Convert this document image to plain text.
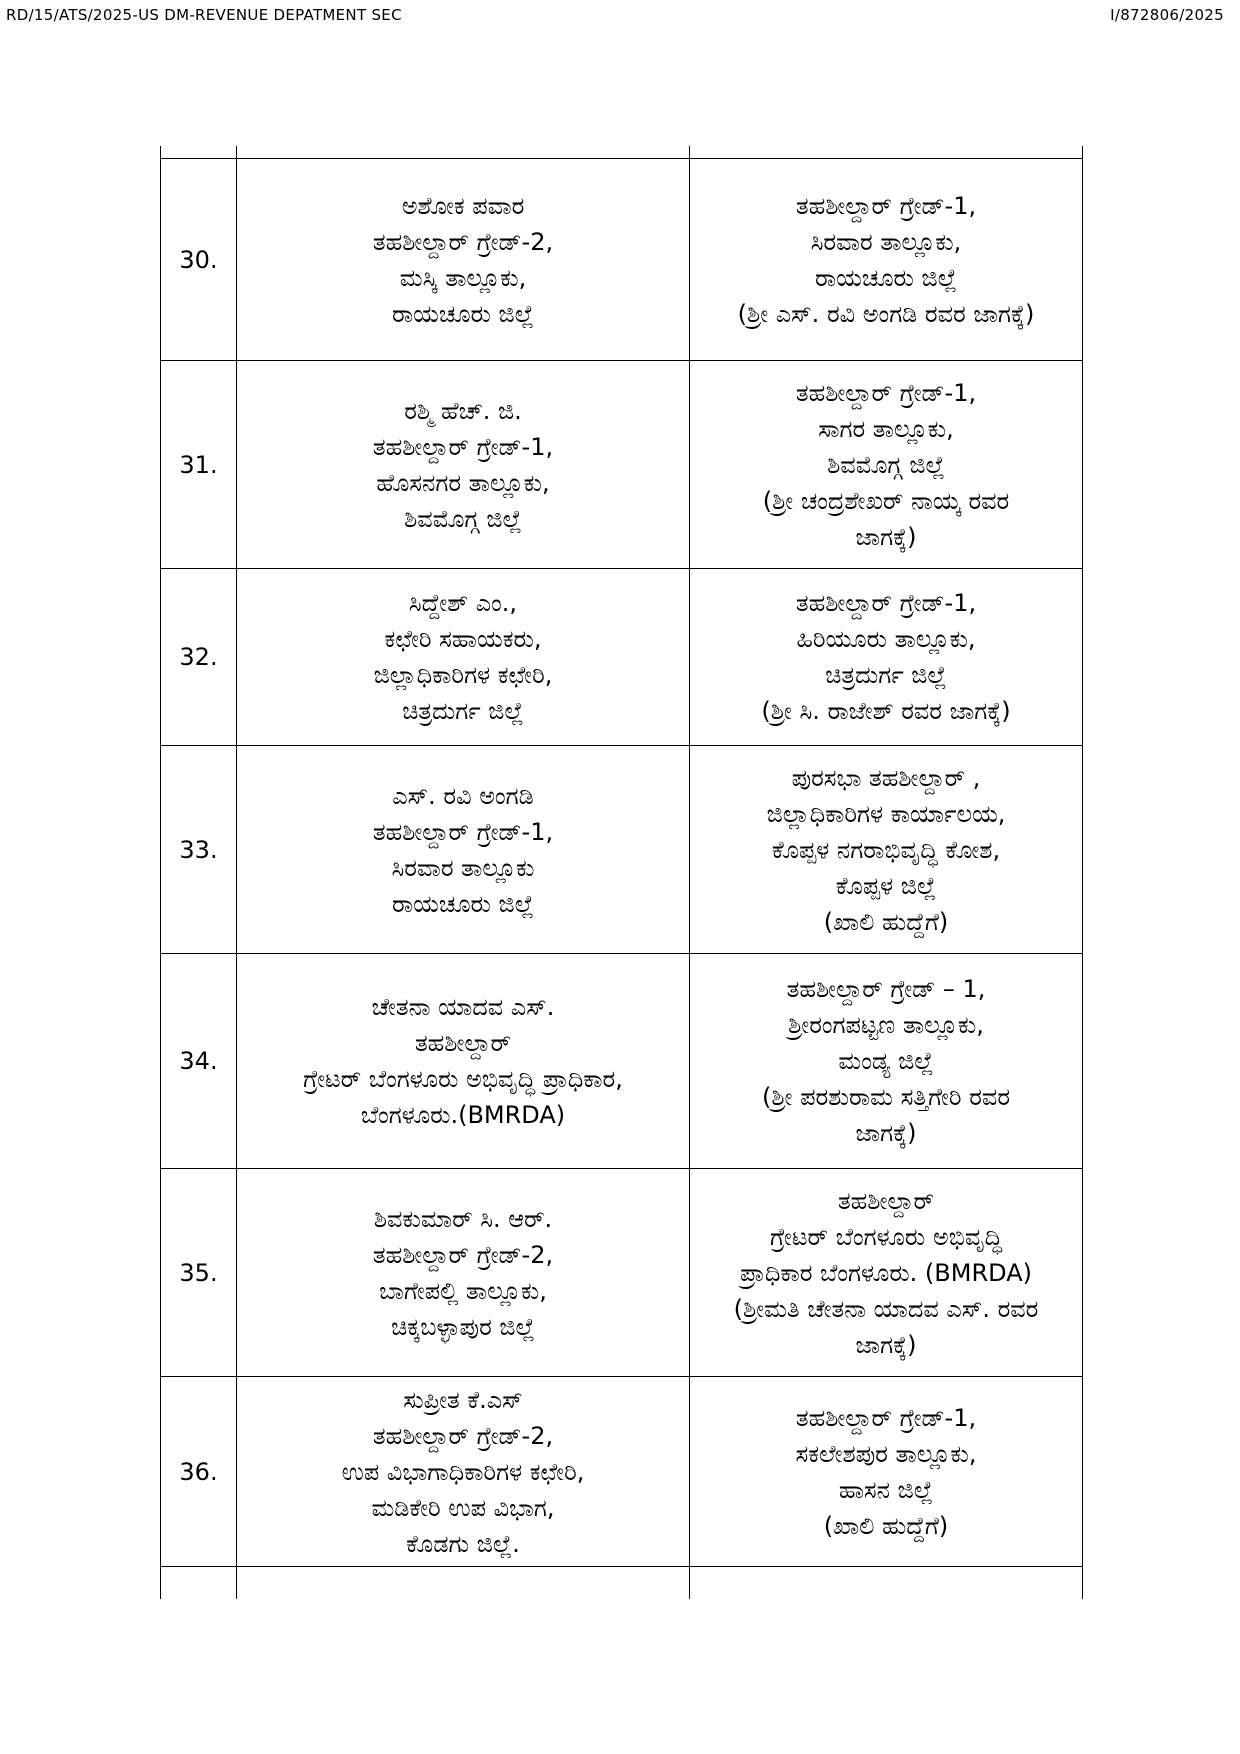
RD/15/ATS/2025-US DM-REVENUE DEPATMENT SEC	I/872806/2025

30.	ಅಶೋಕ ಪವಾರ
ತಹಶೀಲ್ದಾರ್ ಗ್ರೇಡ್-2,
ಮಸ್ಕಿ ತಾಲ್ಲೂಕು,
ರಾಯಚೂರು ಜಿಲ್ಲೆ	ತಹಶೀಲ್ದಾರ್ ಗ್ರೇಡ್-1,
ಸಿರವಾರ ತಾಲ್ಲೂಕು,
ರಾಯಚೂರು ಜಿಲ್ಲೆ
(ಶ್ರೀ ಎಸ್. ರವಿ ಅಂಗಡಿ ರವರ ಜಾಗಕ್ಕೆ)

31.	ರಶ್ಮಿ ಹೆಚ್. ಜಿ.
ತಹಶೀಲ್ದಾರ್ ಗ್ರೇಡ್-1,
ಹೊಸನಗರ ತಾಲ್ಲೂಕು,
ಶಿವಮೊಗ್ಗ ಜಿಲ್ಲೆ	ತಹಶೀಲ್ದಾರ್ ಗ್ರೇಡ್-1,
ಸಾಗರ ತಾಲ್ಲೂಕು,
ಶಿವಮೊಗ್ಗ ಜಿಲ್ಲೆ
(ಶ್ರೀ ಚಂದ್ರಶೇಖರ್ ನಾಯ್ಕ ರವರ
ಜಾಗಕ್ಕೆ)

32.	ಸಿದ್ದೇಶ್ ಎಂ.,
ಕಛೇರಿ ಸಹಾಯಕರು,
ಜಿಲ್ಲಾಧಿಕಾರಿಗಳ ಕಛೇರಿ,
ಚಿತ್ರದುರ್ಗ ಜಿಲ್ಲೆ	ತಹಶೀಲ್ದಾರ್ ಗ್ರೇಡ್-1,
ಹಿರಿಯೂರು ತಾಲ್ಲೂಕು,
ಚಿತ್ರದುರ್ಗ ಜಿಲ್ಲೆ
(ಶ್ರೀ ಸಿ. ರಾಜೇಶ್ ರವರ ಜಾಗಕ್ಕೆ)

33.	ಎಸ್. ರವಿ ಅಂಗಡಿ
ತಹಶೀಲ್ದಾರ್ ಗ್ರೇಡ್-1,
ಸಿರವಾರ ತಾಲ್ಲೂಕು
ರಾಯಚೂರು ಜಿಲ್ಲೆ	ಪುರಸಭಾ ತಹಶೀಲ್ದಾರ್ ,
ಜಿಲ್ಲಾಧಿಕಾರಿಗಳ ಕಾರ್ಯಾಲಯ,
ಕೊಪ್ಪಳ ನಗರಾಭಿವೃದ್ಧಿ ಕೋಶ,
ಕೊಪ್ಪಳ ಜಿಲ್ಲೆ
(ಖಾಲಿ ಹುದ್ದೆಗೆ)

34.	ಚೇತನಾ ಯಾದವ ಎಸ್.
ತಹಶೀಲ್ದಾರ್
ಗ್ರೇಟರ್ ಬೆಂಗಳೂರು ಅಭಿವೃದ್ಧಿ ಪ್ರಾಧಿಕಾರ,
ಬೆಂಗಳೂರು.(BMRDA)	ತಹಶೀಲ್ದಾರ್ ಗ್ರೇಡ್ – 1,
ಶ್ರೀರಂಗಪಟ್ಟಣ ತಾಲ್ಲೂಕು,
ಮಂಡ್ಯ ಜಿಲ್ಲೆ
(ಶ್ರೀ ಪರಶುರಾಮ ಸತ್ತಿಗೇರಿ ರವರ
ಜಾಗಕ್ಕೆ)

35.	ಶಿವಕುಮಾರ್ ಸಿ. ಆರ್.
ತಹಶೀಲ್ದಾರ್ ಗ್ರೇಡ್-2,
ಬಾಗೇಪಲ್ಲಿ ತಾಲ್ಲೂಕು,
ಚಿಕ್ಕಬಳ್ಳಾಪುರ ಜಿಲ್ಲೆ	ತಹಶೀಲ್ದಾರ್
ಗ್ರೇಟರ್ ಬೆಂಗಳೂರು ಅಭಿವೃದ್ಧಿ
ಪ್ರಾಧಿಕಾರ ಬೆಂಗಳೂರು. (BMRDA)
(ಶ್ರೀಮತಿ ಚೇತನಾ ಯಾದವ ಎಸ್. ರವರ
ಜಾಗಕ್ಕೆ)

36.	ಸುಪ್ರೀತ ಕೆ.ಎಸ್
ತಹಶೀಲ್ದಾರ್ ಗ್ರೇಡ್-2,
ಉಪ ವಿಭಾಗಾಧಿಕಾರಿಗಳ ಕಛೇರಿ,
ಮಡಿಕೇರಿ ಉಪ ವಿಭಾಗ,
ಕೊಡಗು ಜಿಲ್ಲೆ.	ತಹಶೀಲ್ದಾರ್ ಗ್ರೇಡ್-1,
ಸಕಲೇಶಪುರ ತಾಲ್ಲೂಕು,
ಹಾಸನ ಜಿಲ್ಲೆ
(ಖಾಲಿ ಹುದ್ದೆಗೆ)
